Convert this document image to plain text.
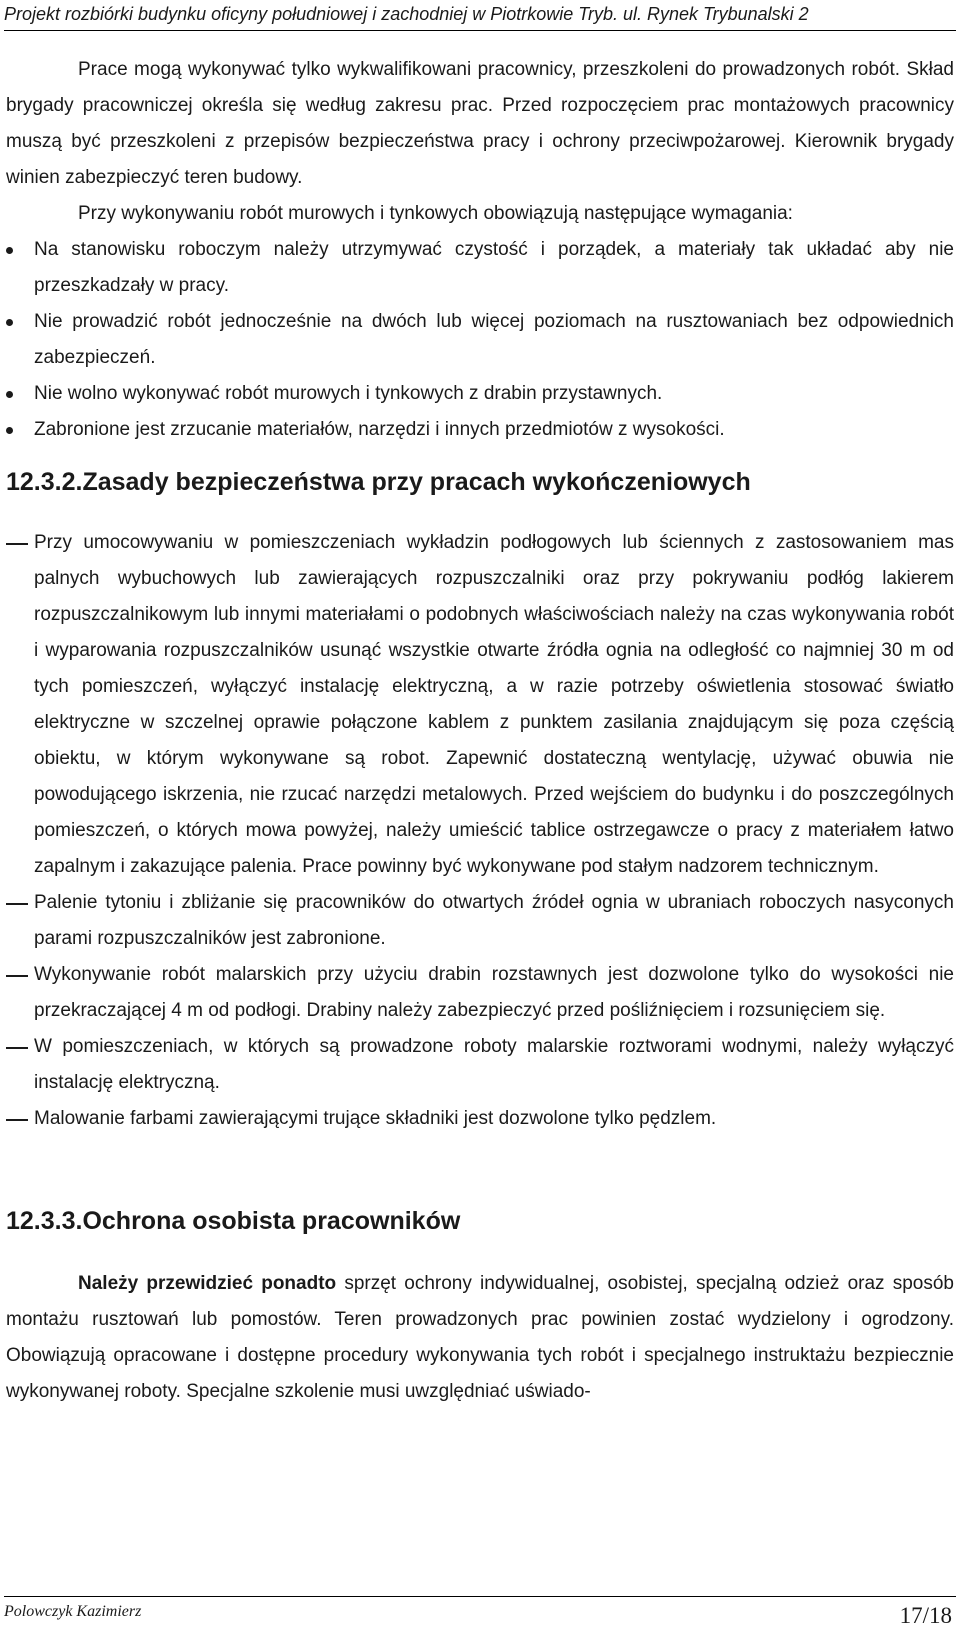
Projekt rozbiórki budynku oficyny południowej i zachodniej w Piotrkowie Tryb. ul. Rynek Trybunalski 2

Prace mogą wykonywać tylko wykwalifikowani pracownicy, przeszkoleni do prowadzonych robót. Skład brygady pracowniczej określa się według zakresu prac. Przed rozpoczęciem prac montażowych pracownicy muszą być przeszkoleni z przepisów bezpieczeństwa pracy i ochrony przeciwpożarowej. Kierownik brygady winien zabezpieczyć teren budowy.

Przy wykonywaniu robót murowych i tynkowych obowiązują następujące wymagania:

Na stanowisku roboczym należy utrzymywać czystość i porządek, a materiały tak układać aby nie przeszkadzały w pracy.
Nie prowadzić robót jednocześnie na dwóch lub więcej poziomach na rusztowaniach bez odpowiednich zabezpieczeń.
Nie wolno wykonywać robót murowych i tynkowych z drabin przystawnych.
Zabronione jest zrzucanie materiałów, narzędzi i innych przedmiotów z wysokości.
12.3.2.Zasady bezpieczeństwa przy pracach wykończeniowych
Przy umocowywaniu w pomieszczeniach wykładzin podłogowych lub ściennych z zastosowaniem mas palnych wybuchowych lub zawierających rozpuszczalniki oraz przy pokrywaniu podłóg lakierem rozpuszczalnikowym lub innymi materiałami o podobnych właściwościach należy na czas wykonywania robót i wyparowania rozpuszczalników usunąć wszystkie otwarte źródła ognia na odległość co najmniej 30 m od tych pomieszczeń, wyłączyć instalację elektryczną, a w razie potrzeby oświetlenia stosować światło elektryczne w szczelnej oprawie połączone kablem z punktem zasilania znajdującym się poza częścią obiektu, w którym wykonywane są robot. Zapewnić dostateczną wentylację, używać obuwia nie powodującego iskrzenia, nie rzucać narzędzi metalowych. Przed wejściem do budynku i do poszczególnych pomieszczeń, o których mowa powyżej, należy umieścić tablice ostrzegawcze o pracy z materiałem łatwo zapalnym i zakazujące palenia. Prace powinny być wykonywane pod stałym nadzorem technicznym.
Palenie tytoniu i zbliżanie się pracowników do otwartych źródeł ognia w ubraniach roboczych nasyconych parami rozpuszczalników jest zabronione.
Wykonywanie robót malarskich przy użyciu drabin rozstawnych jest dozwolone tylko do wysokości nie przekraczającej 4 m od podłogi. Drabiny należy zabezpieczyć przed pośliźnięciem i rozsunięciem się.
W pomieszczeniach, w których są prowadzone roboty malarskie roztworami wodnymi, należy wyłączyć instalację elektryczną.
Malowanie farbami zawierającymi trujące składniki jest dozwolone tylko pędzlem.
12.3.3.Ochrona osobista pracowników

Należy przewidzieć ponadto sprzęt ochrony indywidualnej, osobistej, specjalną odzież oraz sposób montażu rusztowań lub pomostów. Teren prowadzonych prac powinien zostać wydzielony i ogrodzony. Obowiązują opracowane i dostępne procedury wykonywania tych robót i specjalnego instruktażu bezpiecznie wykonywanej roboty. Specjalne szkolenie musi uwzględniać uświado-

Polowczyk Kazimierz	17/18
